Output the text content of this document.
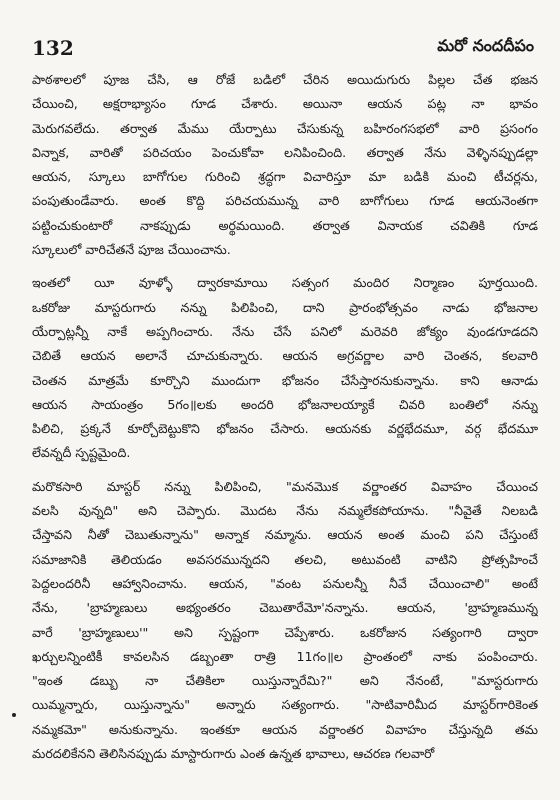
132	మరో నందదీపం
పాఠశాలలో పూజ చేసి, ఆ రోజే బడిలో చేరిన అయిదుగురు పిల్లల చేత భజన
చేయించి, అక్షరాభ్యాసం గూడ చేశారు. అయినా ఆయన పట్ల నా భావం
మెరుగవలేదు. తర్వాత మేము యేర్పాటు చేసుకున్న బహిరంగసభలో వారి ప్రసంగం
విన్నాక, వారితో పరిచయం పెంచుకోవా లనిపించింది. తర్వాత నేను వెళ్ళినప్పుడల్లా
ఆయన, స్కూలు బాగోగుల గురించి శ్రద్ధగా విచారిస్తూ మా బడికి మంచి టీచర్లను,
పంపుతుండేవారు. అంత కొద్ది పరిచయమున్న వారి బాగోగులు గూడ ఆయనెంతగా
పట్టించుకుంటారో నాకప్పుడు అర్థమయింది. తర్వాత వినాయక చవితికి గూడ
స్కూలులో వారిచేతనే పూజ చేయించాను.
ఇంతలో యీ వూళ్ళో ద్వారకామాయి సత్సంగ మందిర నిర్మాణం పూర్తయింది.
ఒకరోజు మాస్టరుగారు నన్ను పిలిపించి, దాని ప్రారంభోత్సవం నాడు భోజనాల
యేర్పాట్లన్నీ నాకే అప్పగించారు. నేను చేసే పనిలో మరెవరి జోక్యం వుండగూడదని
చెబితే ఆయన అలానే చూచుకున్నారు. ఆయన అగ్రవర్ణాల వారి చెంతన, కలవారి
చెంతన మాత్రమే కూర్చొని ముందుగా భోజనం చేసేస్తారనుకున్నాను. కాని ఆనాడు
ఆయన సాయంత్రం 5గం॥లకు అందరి భోజనాలయ్యాకే చివరి బంతిలో నన్ను
పిలిచి, ప్రక్కనే కూర్చోబెట్టుకొని భోజనం చేసారు. ఆయనకు వర్ణభేదమూ, వర్గ భేదమూ
లేవన్నదీ స్పష్టమైంది.
మరొకసారి మాస్టర్ నన్ను పిలిపించి, "మనమొక వర్ణాంతర వివాహం చేయించ
వలసి వున్నది" అని చెప్పారు. మొదట నేను నమ్మలేకపోయాను. "నీవైతే నిలబడి
చేస్తావని నీతో చెబుతున్నాను" అన్నాక నమ్మాను. ఆయన అంత మంచి పని చేస్తుంటే
సమాజానికి తెలియడం అవసరమున్నదని తలచి, అటువంటి వాటిని ప్రోత్సహించే
పెద్దలందరినీ ఆహ్వానించాను. ఆయన, "వంట పనులన్నీ నీవే చేయించాలి" అంటే
నేను, 'బ్రాహ్మణులు అభ్యంతరం చెబుతారేమో'నన్నాను. ఆయన, 'బ్రాహ్మణమున్న
వారే 'బ్రాహ్మణులు'" అని స్పష్టంగా చెప్పేశారు. ఒకరోజున సత్యంగారి ద్వారా
ఖర్చులన్నింటికీ కావలసిన డబ్బంతా రాత్రి 11గం॥ల ప్రాంతంలో నాకు పంపించారు.
"ఇంత డబ్బు నా చేతికిలా యిస్తున్నారేమి?" అని నేనంటే, "మాస్టరుగారు
యిమ్మన్నారు, యిస్తున్నాను" అన్నారు సత్యంగారు. "సాటివారిమీద మాస్టర్‌గారికెంత
నమ్మకమో" అనుకున్నాను. ఇంతకూ ఆయన వర్ణాంతర వివాహం చేస్తున్నది తమ
మరదలికేనని తెలిసినప్పుడు మాస్టారుగారు ఎంత ఉన్నత భావాలు, ఆచరణ గలవారో
